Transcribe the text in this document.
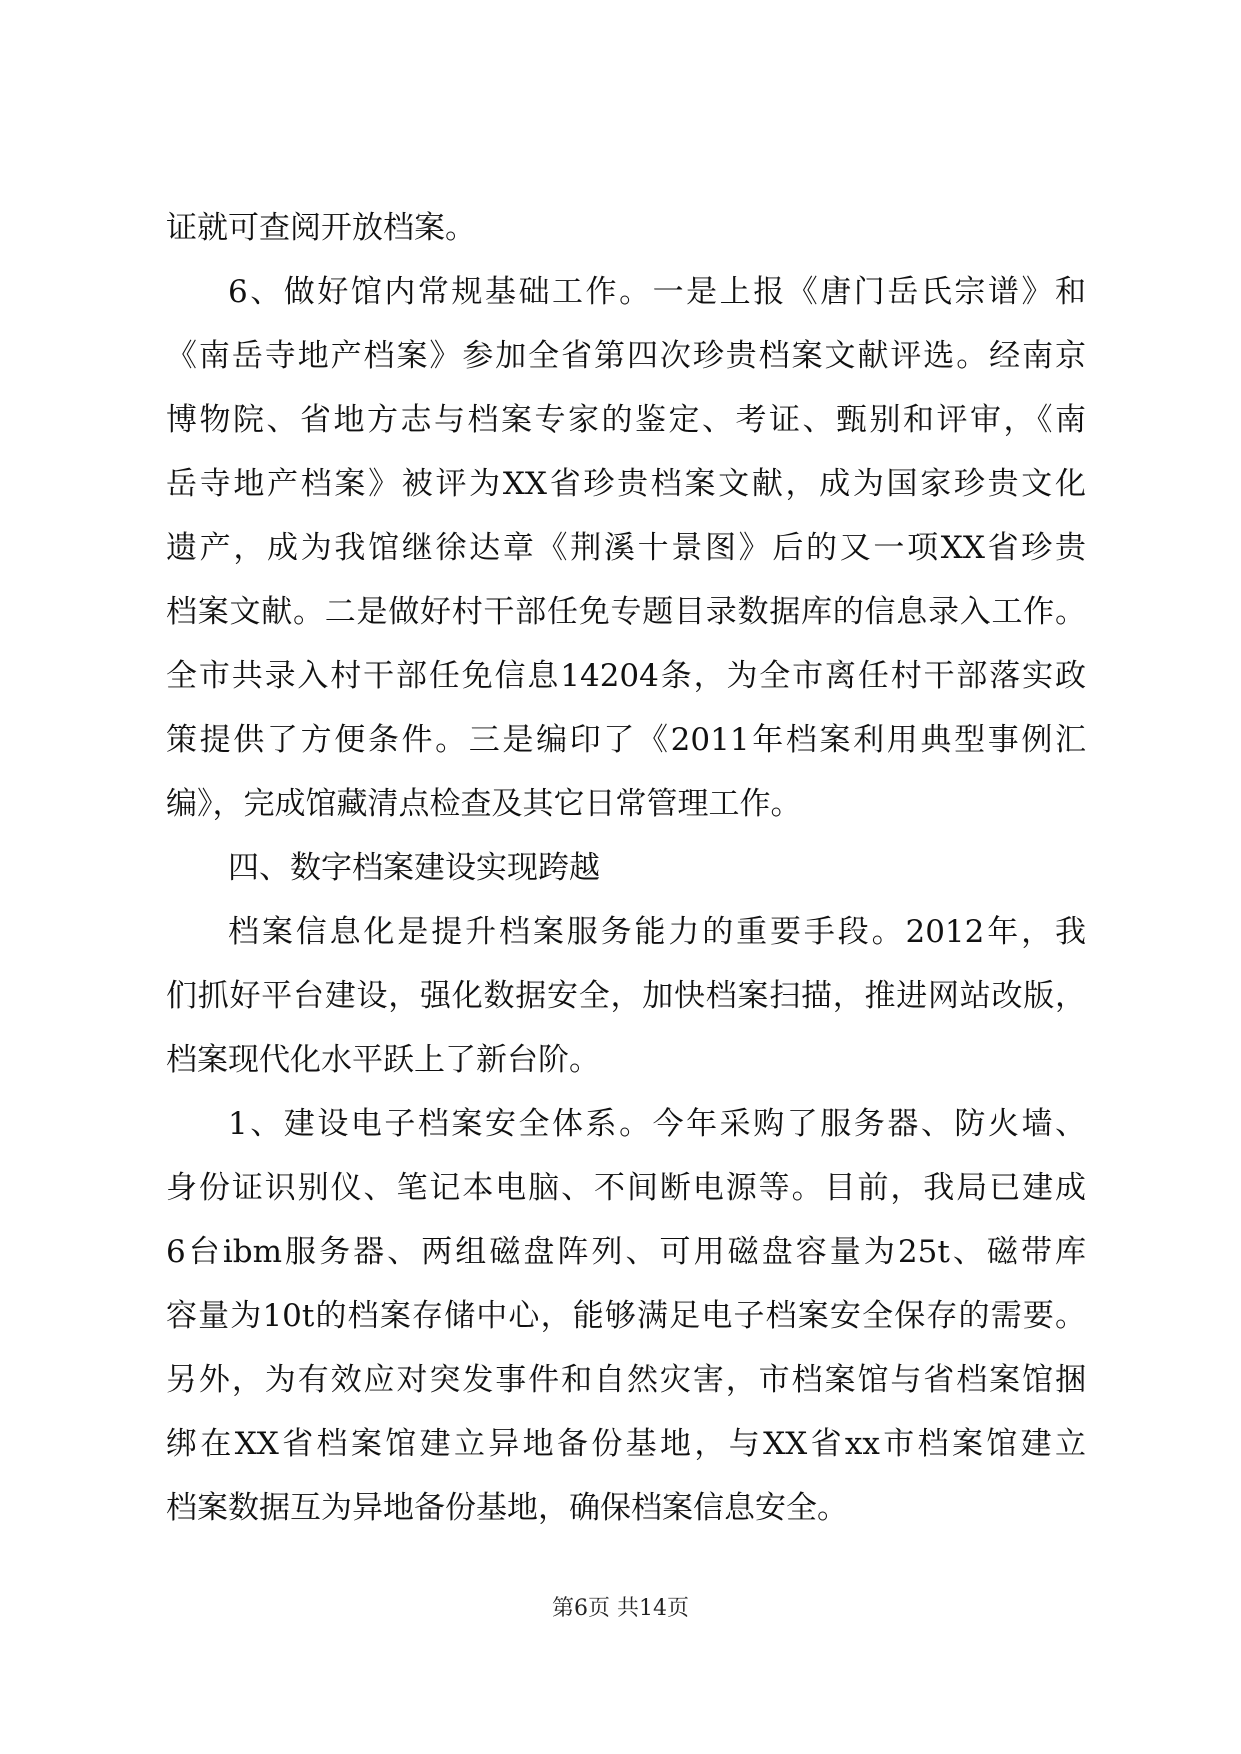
证就可查阅开放档案。
6、做好馆内常规基础工作。一是上报《唐门岳氏宗谱》和
《南岳寺地产档案》参加全省第四次珍贵档案文献评选。经南京
博物院、省地方志与档案专家的鉴定、考证、甄别和评审，《南
岳寺地产档案》被评为XX省珍贵档案文献，成为国家珍贵文化
遗产，成为我馆继徐达章《荆溪十景图》后的又一项XX省珍贵
档案文献。二是做好村干部任免专题目录数据库的信息录入工作。
全市共录入村干部任免信息14204条，为全市离任村干部落实政
策提供了方便条件。三是编印了《2011年档案利用典型事例汇
编》，完成馆藏清点检查及其它日常管理工作。
四、数字档案建设实现跨越
档案信息化是提升档案服务能力的重要手段。2012年，我
们抓好平台建设，强化数据安全，加快档案扫描，推进网站改版，
档案现代化水平跃上了新台阶。
1、建设电子档案安全体系。今年采购了服务器、防火墙、
身份证识别仪、笔记本电脑、不间断电源等。目前，我局已建成
6台ibm服务器、两组磁盘阵列、可用磁盘容量为25t、磁带库
容量为10t的档案存储中心，能够满足电子档案安全保存的需要。
另外，为有效应对突发事件和自然灾害，市档案馆与省档案馆捆
绑在XX省档案馆建立异地备份基地，与XX省xx市档案馆建立
档案数据互为异地备份基地，确保档案信息安全。
第6页 共14页
